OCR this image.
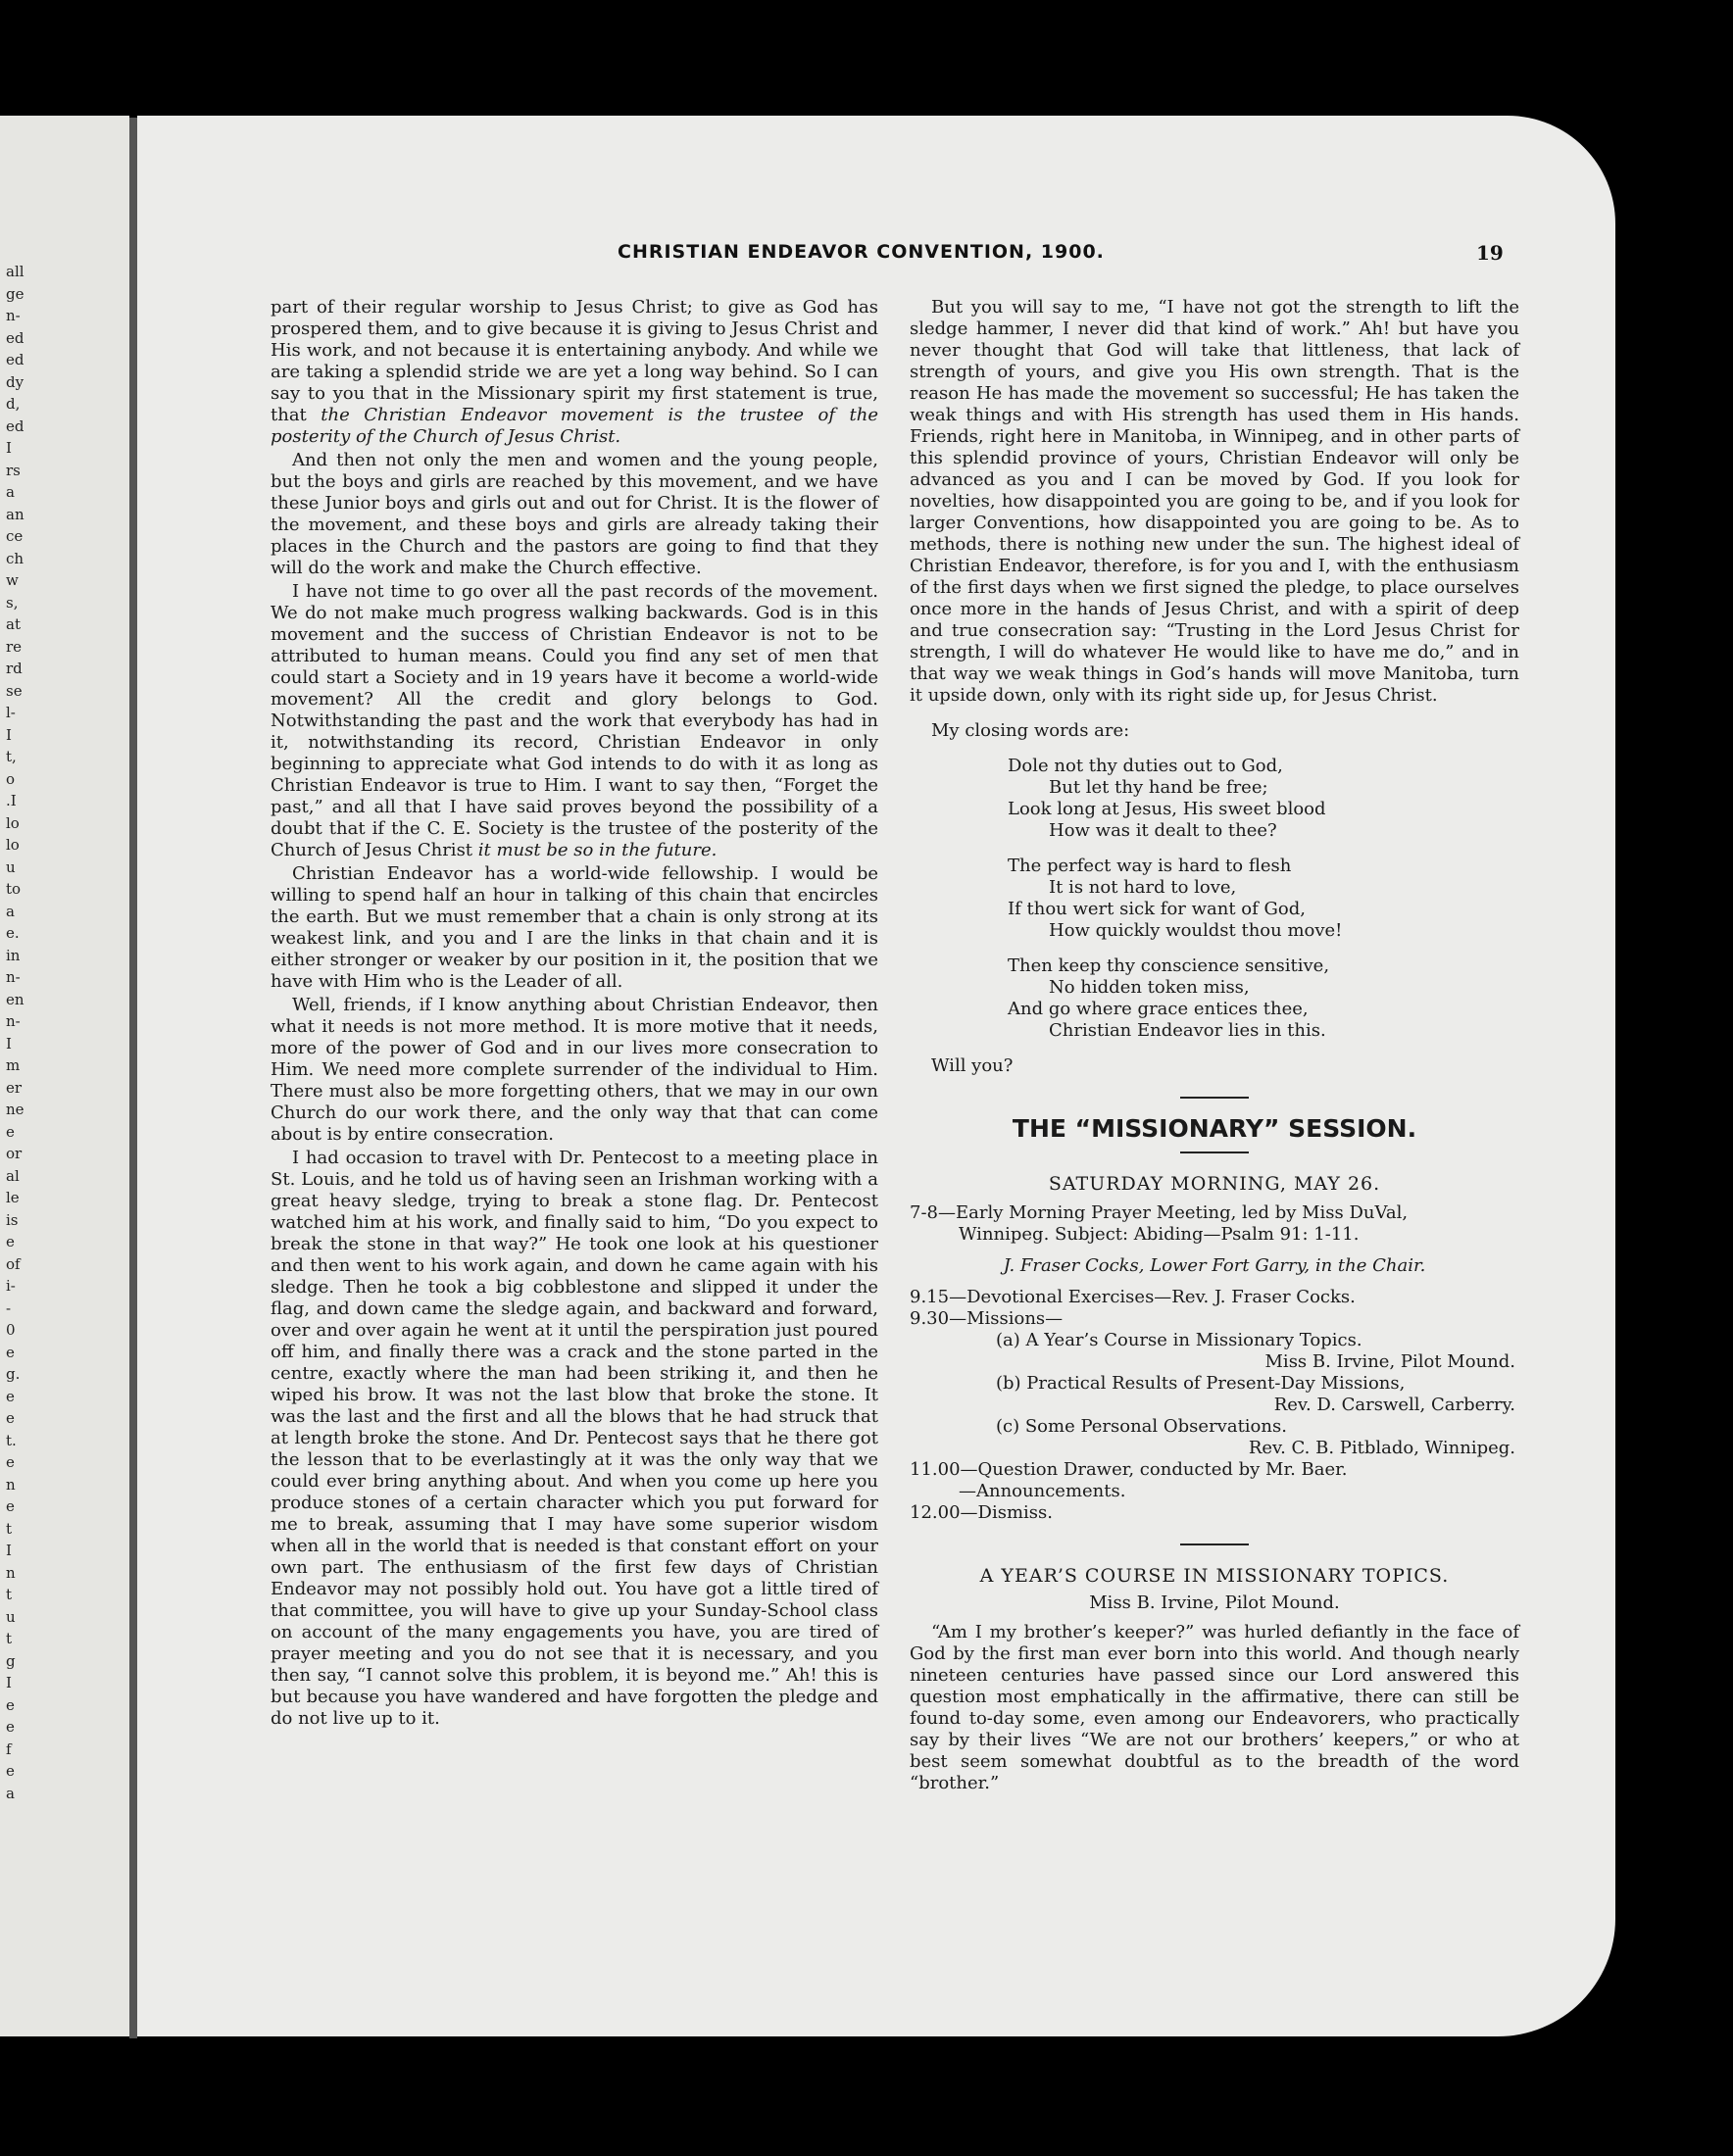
all
ge
n-
ed
ed
dy
d,
ed
I
rs
a
an
ce
ch
w
s,
at
re
rd
se
l-
I
t,
o
.I
lo
lo
u
to
a
e.
in
n-
en
n-
I
m
er
ne
e
or
al
le
is
e
of
i-
-
0
e
g.
e
e
t.
e
n
e
t
I
n
t
u
t
g
I
e
e
f
e
a
CHRISTIAN ENDEAVOR CONVENTION, 1900.	19

part of their regular worship to Jesus Christ; to give as God has prospered them, and to give because it is giving to Jesus Christ and His work, and not because it is entertaining anybody. And while we are taking a splendid stride we are yet a long way behind. So I can say to you that in the Missionary spirit my first statement is true, that the Christian Endeavor movement is the trustee of the posterity of the Church of Jesus Christ.

And then not only the men and women and the young people, but the boys and girls are reached by this movement, and we have these Junior boys and girls out and out for Christ. It is the flower of the movement, and these boys and girls are already taking their places in the Church and the pastors are going to find that they will do the work and make the Church effective.

I have not time to go over all the past records of the movement. We do not make much progress walking backwards. God is in this movement and the success of Christian Endeavor is not to be attributed to human means. Could you find any set of men that could start a Society and in 19 years have it become a world-wide movement? All the credit and glory belongs to God. Notwithstanding the past and the work that everybody has had in it, notwithstanding its record, Christian Endeavor in only beginning to appreciate what God intends to do with it as long as Christian Endeavor is true to Him. I want to say then, “Forget the past,” and all that I have said proves beyond the possibility of a doubt that if the C. E. Society is the trustee of the posterity of the Church of Jesus Christ it must be so in the future.

Christian Endeavor has a world-wide fellowship. I would be willing to spend half an hour in talking of this chain that encircles the earth. But we must remember that a chain is only strong at its weakest link, and you and I are the links in that chain and it is either stronger or weaker by our position in it, the position that we have with Him who is the Leader of all.

Well, friends, if I know anything about Christian Endeavor, then what it needs is not more method. It is more motive that it needs, more of the power of God and in our lives more consecration to Him. We need more complete surrender of the individual to Him. There must also be more forgetting others, that we may in our own Church do our work there, and the only way that that can come about is by entire consecration.

I had occasion to travel with Dr. Pentecost to a meeting place in St. Louis, and he told us of having seen an Irishman working with a great heavy sledge, trying to break a stone flag. Dr. Pentecost watched him at his work, and finally said to him, “Do you expect to break the stone in that way?” He took one look at his questioner and then went to his work again, and down he came again with his sledge. Then he took a big cobblestone and slipped it under the flag, and down came the sledge again, and backward and forward, over and over again he went at it until the perspiration just poured off him, and finally there was a crack and the stone parted in the centre, exactly where the man had been striking it, and then he wiped his brow. It was not the last blow that broke the stone. It was the last and the first and all the blows that he had struck that at length broke the stone. And Dr. Pentecost says that he there got the lesson that to be everlastingly at it was the only way that we could ever bring anything about. And when you come up here you produce stones of a certain character which you put forward for me to break, assuming that I may have some superior wisdom when all in the world that is needed is that constant effort on your own part. The enthusiasm of the first few days of Christian Endeavor may not possibly hold out. You have got a little tired of that committee, you will have to give up your Sunday-School class on account of the many engagements you have, you are tired of prayer meeting and you do not see that it is necessary, and you then say, “I cannot solve this problem, it is beyond me.” Ah! this is but because you have wandered and have forgotten the pledge and do not live up to it.

But you will say to me, “I have not got the strength to lift the sledge hammer, I never did that kind of work.” Ah! but have you never thought that God will take that littleness, that lack of strength of yours, and give you His own strength. That is the reason He has made the movement so successful; He has taken the weak things and with His strength has used them in His hands. Friends, right here in Manitoba, in Winnipeg, and in other parts of this splendid province of yours, Christian Endeavor will only be advanced as you and I can be moved by God. If you look for novelties, how disappointed you are going to be, and if you look for larger Conventions, how disappointed you are going to be. As to methods, there is nothing new under the sun. The highest ideal of Christian Endeavor, therefore, is for you and I, with the enthusiasm of the first days when we first signed the pledge, to place ourselves once more in the hands of Jesus Christ, and with a spirit of deep and true consecration say: “Trusting in the Lord Jesus Christ for strength, I will do whatever He would like to have me do,” and in that way we weak things in God’s hands will move Manitoba, turn it upside down, only with its right side up, for Jesus Christ.

My closing words are:

Dole not thy duties out to God,
But let thy hand be free;
Look long at Jesus, His sweet blood
How was it dealt to thee?
The perfect way is hard to flesh
It is not hard to love,
If thou wert sick for want of God,
How quickly wouldst thou move!
Then keep thy conscience sensitive,
No hidden token miss,
And go where grace entices thee,
Christian Endeavor lies in this.

Will you?

THE “MISSIONARY” SESSION.
SATURDAY MORNING, MAY 26.
7-8—Early Morning Prayer Meeting, led by Miss DuVal,
Winnipeg. Subject: Abiding—Psalm 91: 1-11.
J. Fraser Cocks, Lower Fort Garry, in the Chair.
9.15—Devotional Exercises—Rev. J. Fraser Cocks.
9.30—Missions—
(a) A Year’s Course in Missionary Topics.
Miss B. Irvine, Pilot Mound.
(b) Practical Results of Present-Day Missions,
Rev. D. Carswell, Carberry.
(c) Some Personal Observations.
Rev. C. B. Pitblado, Winnipeg.
11.00—Question Drawer, conducted by Mr. Baer.
—Announcements.
12.00—Dismiss.
A YEAR’S COURSE IN MISSIONARY TOPICS.
Miss B. Irvine, Pilot Mound.

“Am I my brother’s keeper?” was hurled defiantly in the face of God by the first man ever born into this world. And though nearly nineteen centuries have passed since our Lord answered this question most emphatically in the affirmative, there can still be found to-day some, even among our Endeavorers, who practically say by their lives “We are not our brothers’ keepers,” or who at best seem somewhat doubtful as to the breadth of the word “brother.”
